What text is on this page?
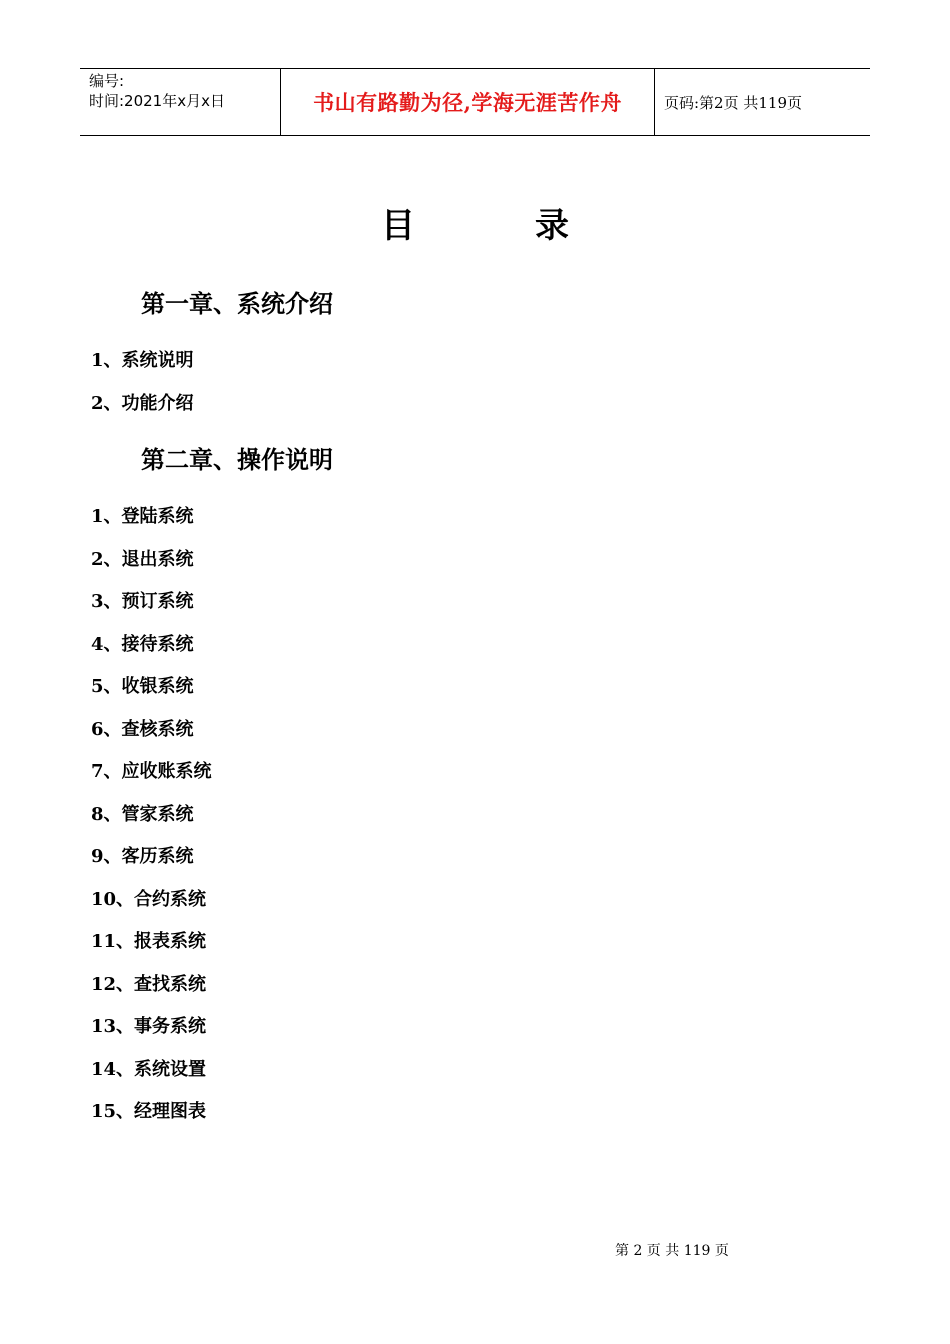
编号:
时间:2021年x月x日	书山有路勤为径,学海无涯苦作舟	页码:第2页 共119页
目	录
第一章、系统介绍
1、系统说明
2、功能介绍
第二章、操作说明
1、登陆系统
2、退出系统
3、预订系统
4、接待系统
5、收银系统
6、查核系统
7、应收账系统
8、管家系统
9、客历系统
10、合约系统
11、报表系统
12、查找系统
13、事务系统
14、系统设置
15、经理图表
第 2 页 共 119 页
